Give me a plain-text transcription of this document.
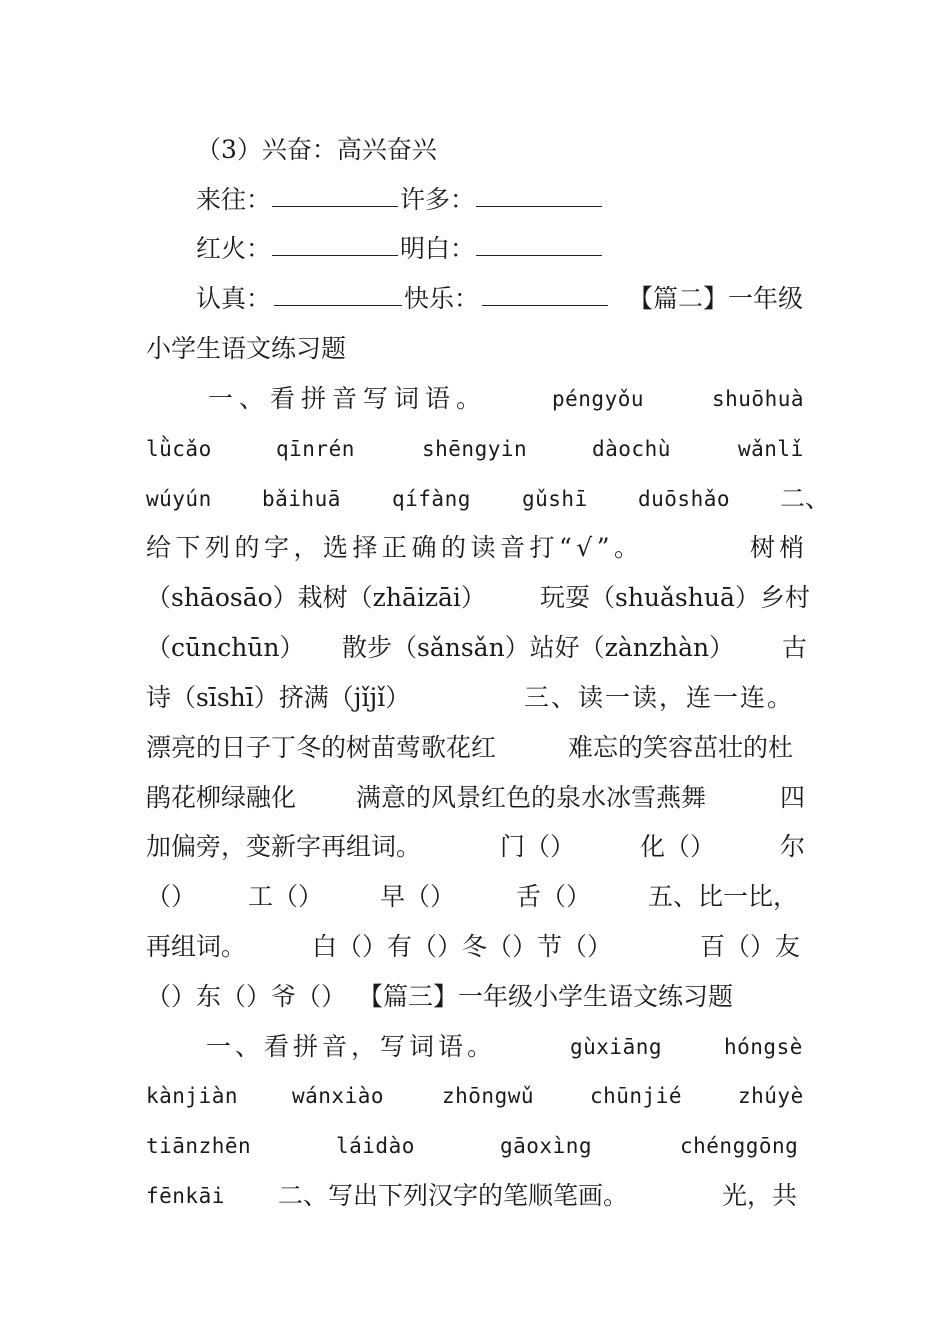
（3）兴奋：高兴奋兴
来往：	许多：
红火：	明白：
认真：	快乐：	【篇二】一年级
小学生语文练习题
一、看拼音写词语。	péngyǒu	shuōhuà
lǜcǎo	qīnrén	shēngyin	dàochù	wǎnlǐ
wúyún bǎihuā qífàng gǔshī duōshǎo 二、
给下列的字，选择正确的读音打“√”。	树梢
（shāosāo）栽树（zhāizāi） 玩耍（shuǎshuā）乡村
（cūnchūn） 散步（sǎnsǎn）站好（zànzhàn） 古
诗（sīshī）挤满（jǐjǐ）	三、读一读，连一连。
漂亮的日子丁冬的树苗莺歌花红	难忘的笑容茁壮的杜
鹃花柳绿融化 满意的风景红色的泉水冰雪燕舞	四
加偏旁，变新字再组词。	门（）	化（）	尔
（） 工（） 早（） 舌（） 五、比一比，
再组词。	白（）有（）冬（）节（）	百（）友
（）东（）爷（） 【篇三】一年级小学生语文练习题
一、看拼音，写词语。	gùxiāng	hóngsè
kànjiàn	wánxiào	zhōngwǔ	chūnjié	zhúyè
tiānzhēn	láidào	gāoxìng	chénggōng
fēnkāi 二、写出下列汉字的笔顺笔画。	光，共
